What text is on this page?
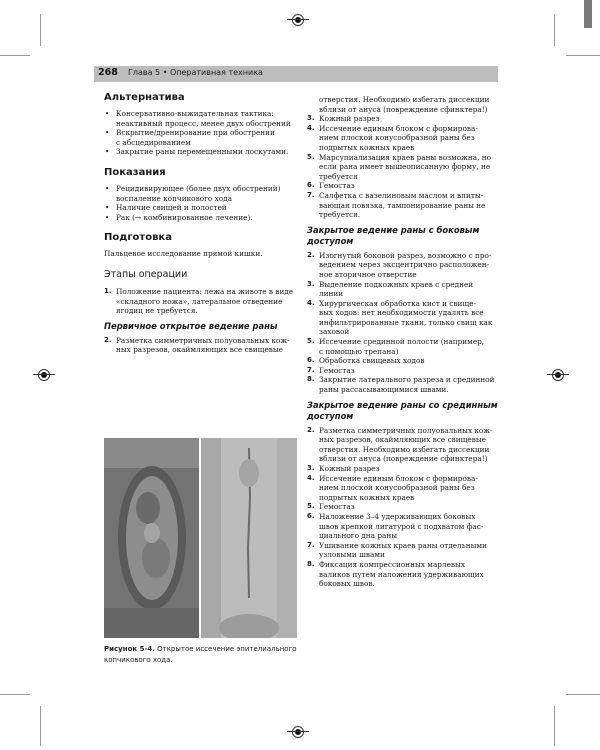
268 Глава 5 • Оперативная техника
Альтернатива
• Консервативно-выжидательная тактика:
неактивный процесс, менее двух обострений
• Вскрытие/дренирование при обострении
с абсцедированием
• Закрытие раны перемещенными лоскутами.
Показания
• Рецидивирующее (более двух обострений)
воспаление копчикового хода
• Наличие свищей и полостей
• Рак (→ комбинированное лечение).
Подготовка

Пальцевое исследование прямой кишки.

Этапы операции
1. Положение пациента: лежа на животе в виде
«складного ножа», латеральное отведение
ягодиц не требуется.
Первичное открытое ведение раны
2. Разметка симметричных полуовальных кож-
ных разрезов, окаймляющих все свищевые
Рисунок 5-4. Открытое иссечение эпителиального
копчикового хода.
отверстия. Необходимо избегать диссекции
вблизи от ануса (повреждение сфинктера!)
3. Кожный разрез
4. Иссечение единым блоком с формирова-
нием плоской конусообразной раны без
подрытых кожных краев
5. Марсупиализация краев раны возможна, но
если рана имеет вышеописанную форму, не
требуется
6. Гемостаз
7. Салфетка с вазелиновым маслом и впиты-
вающая повязка, тампонирование раны не
требуется.
Закрытое ведение раны с боковым
доступом
2. Изогнутый боковой разрез, возможно с про-
ведением через эксцентрично расположен-
ное вторичное отверстие
3. Выделение подкожных краев с средней
линии
4. Хирургическая обработка кист и свище-
вых ходов: нет необходимости удалять все
инфильтрированные ткани, только свищ как
заховой
5. Иссечение срединной полости (например,
с помощью трепана)
6. Обработка свищевых ходов
7. Гемостаз
8. Закрытие латерального разреза и срединной
раны рассасывающимися швами.
Закрытое ведение раны со срединным
доступом
2. Разметка симметричных полуовальных кож-
ных разрезов, окаймляющих все свищевые
отверстия. Необходимо избегать диссекции
вблизи от ануса (повреждение сфинктера!)
3. Кожный разрез
4. Иссечение единым блоком с формирова-
нием плоской конусообразной раны без
подрытых кожных краев
5. Гемостаз
6. Наложение 3–4 удерживающих боковых
швов крепкой лигатурой с подхватом фас-
циального дна раны
7. Ушивание кожных краев раны отдельными
узловыми швами
8. Фиксация компрессионных марлевых
валиков путем наложения удерживающих
боковых швов.
